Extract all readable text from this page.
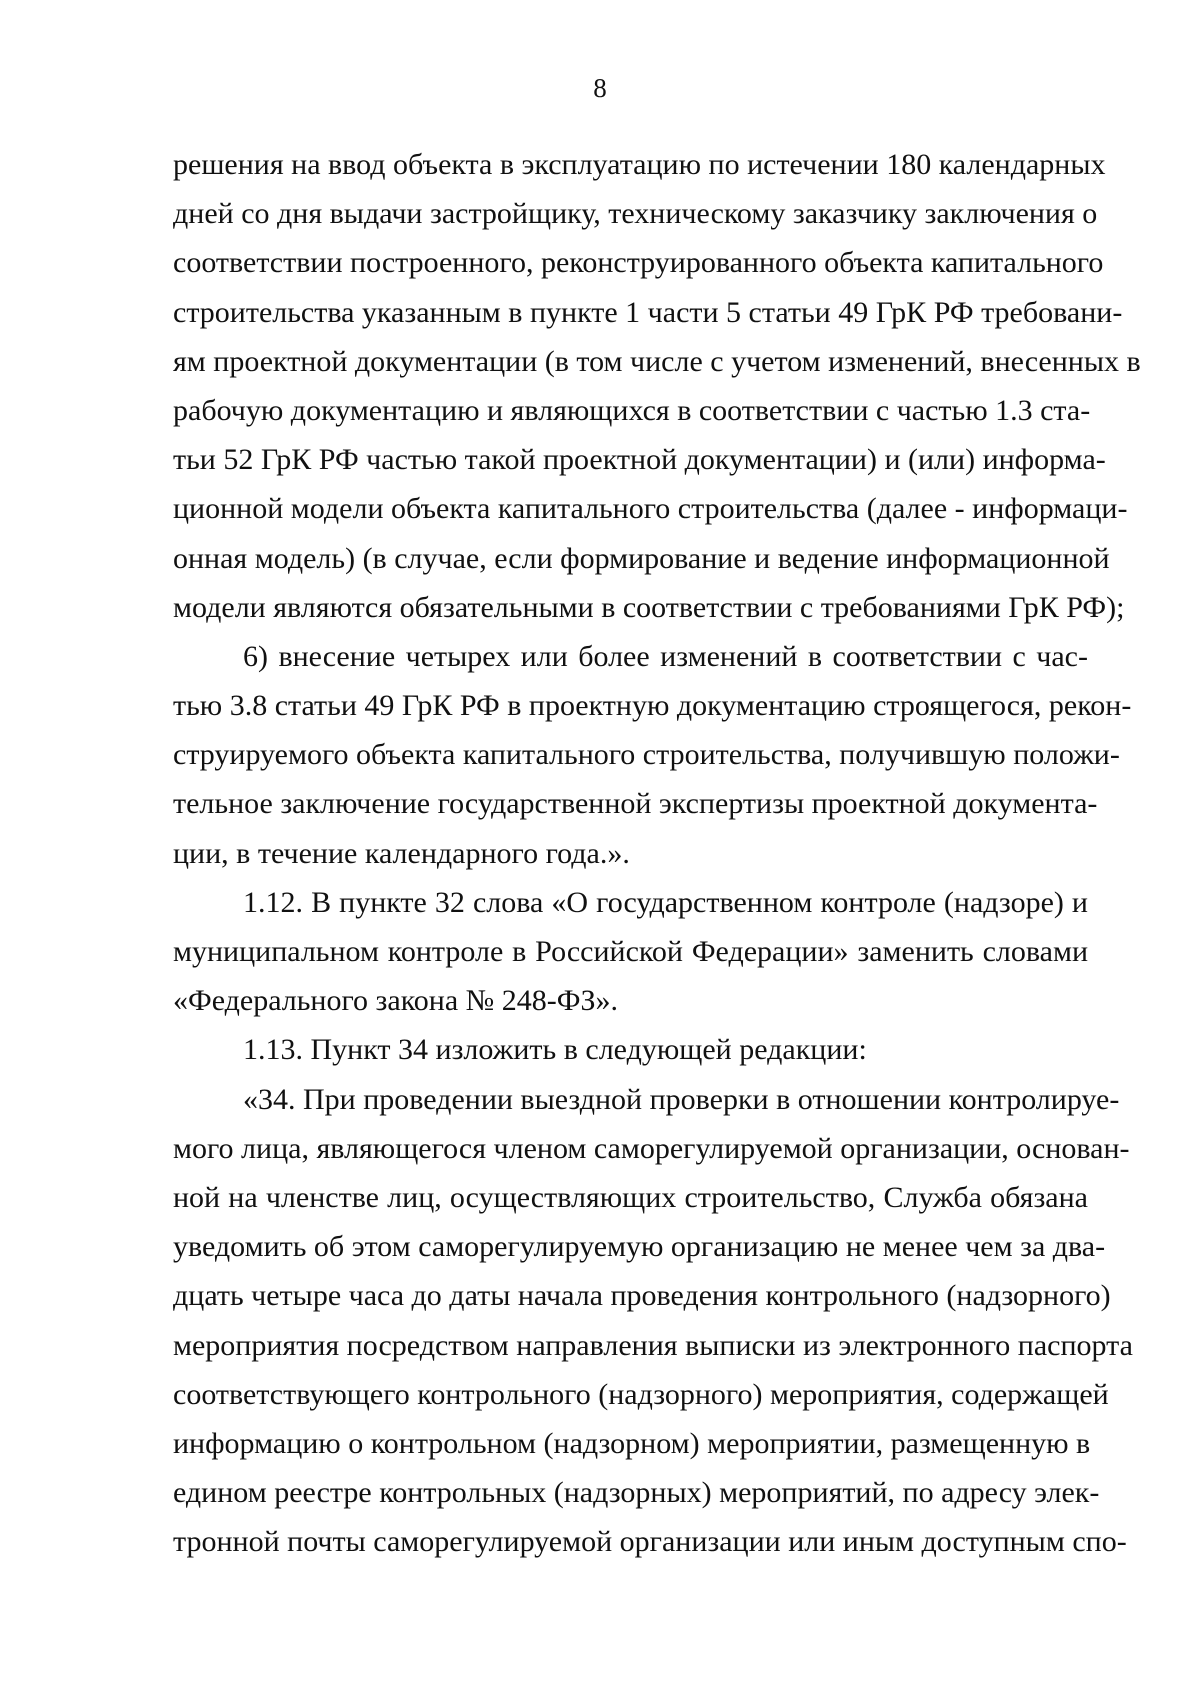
8
решения на ввод объекта в эксплуатацию по истечении 180 календарных
дней со дня выдачи застройщику, техническому заказчику заключения о
соответствии построенного, реконструированного объекта капитального
строительства указанным в пункте 1 части 5 статьи 49 ГрК РФ требовани-
ям проектной документации (в том числе с учетом изменений, внесенных в
рабочую документацию и являющихся в соответствии с частью 1.3 ста-
тьи 52 ГрК РФ частью такой проектной документации) и (или) информа-
ционной модели объекта капитального строительства (далее - информаци-
онная модель) (в случае, если формирование и ведение информационной
модели являются обязательными в соответствии с требованиями ГрК РФ);
6) внесение четырех или более изменений в соответствии с час-
тью 3.8 статьи 49 ГрК РФ в проектную документацию строящегося, рекон-
струируемого объекта капитального строительства, получившую положи-
тельное заключение государственной экспертизы проектной документа-
ции, в течение календарного года.».
1.12. В пункте 32 слова «О государственном контроле (надзоре) и
муниципальном контроле в Российской Федерации» заменить словами
«Федерального закона № 248-ФЗ».
1.13. Пункт 34 изложить в следующей редакции:
«34. При проведении выездной проверки в отношении контролируе-
мого лица, являющегося членом саморегулируемой организации, основан-
ной на членстве лиц, осуществляющих строительство, Служба обязана
уведомить об этом саморегулируемую организацию не менее чем за два-
дцать четыре часа до даты начала проведения контрольного (надзорного)
мероприятия посредством направления выписки из электронного паспорта
соответствующего контрольного (надзорного) мероприятия, содержащей
информацию о контрольном (надзорном) мероприятии, размещенную в
едином реестре контрольных (надзорных) мероприятий, по адресу элек-
тронной почты саморегулируемой организации или иным доступным спо-
